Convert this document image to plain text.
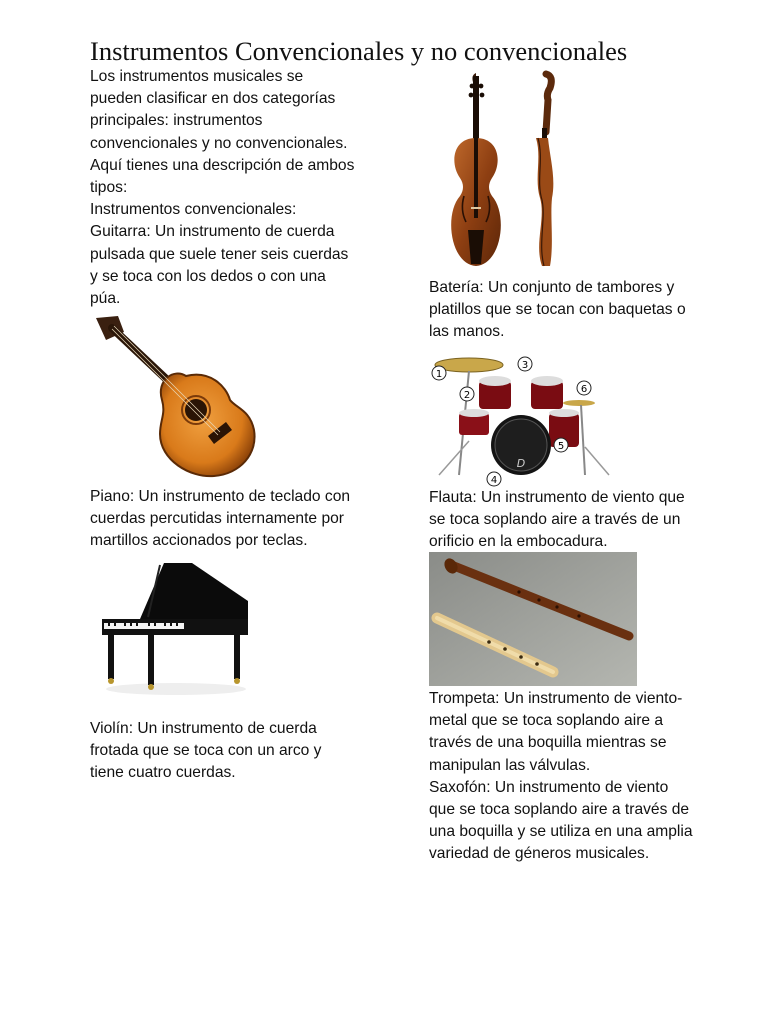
Instrumentos Convencionales y no convencionales
Los instrumentos musicales se
pueden clasificar en dos categorías
principales: instrumentos
convencionales y no convencionales.
Aquí tienes una descripción de ambos
tipos:
Instrumentos convencionales:
Guitarra: Un instrumento de cuerda
pulsada que suele tener seis cuerdas
y se toca con los dedos o con una
púa.
Batería: Un conjunto de tambores y
platillos que se tocan con baquetas o
las manos.
D
1
2
3
4
5
6
Piano: Un instrumento de teclado con
cuerdas percutidas internamente por
martillos accionados por teclas.
Flauta: Un instrumento de viento que
se toca soplando aire a través de un
orificio en la embocadura.
Trompeta: Un instrumento de viento-
metal que se toca soplando aire a
través de una boquilla mientras se
manipulan las válvulas.
Saxofón: Un instrumento de viento
que se toca soplando aire a través de
una boquilla y se utiliza en una amplia
variedad de géneros musicales.
Violín: Un instrumento de cuerda
frotada que se toca con un arco y
tiene cuatro cuerdas.
